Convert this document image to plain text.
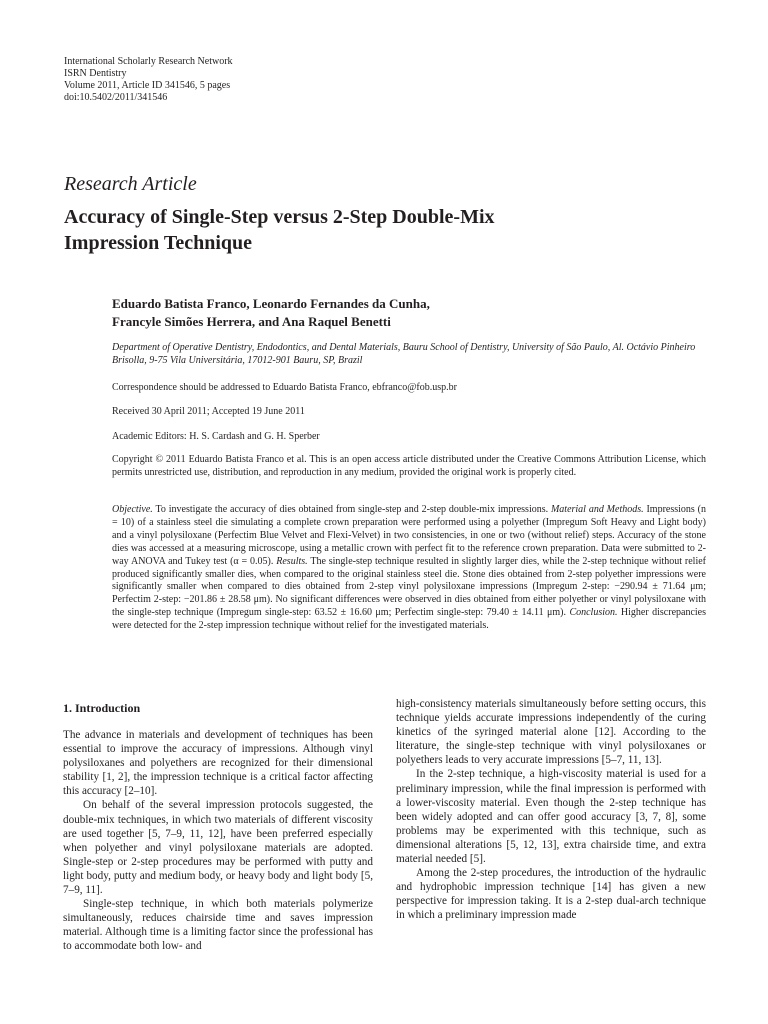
International Scholarly Research Network
ISRN Dentistry
Volume 2011, Article ID 341546, 5 pages
doi:10.5402/2011/341546
Research Article
Accuracy of Single-Step versus 2-Step Double-Mix
Impression Technique
Eduardo Batista Franco, Leonardo Fernandes da Cunha,
Francyle Simões Herrera, and Ana Raquel Benetti
Department of Operative Dentistry, Endodontics, and Dental Materials, Bauru School of Dentistry, University of São Paulo, Al. Octávio Pinheiro Brisolla, 9-75 Vila Universitária, 17012-901 Bauru, SP, Brazil
Correspondence should be addressed to Eduardo Batista Franco, ebfranco@fob.usp.br
Received 30 April 2011; Accepted 19 June 2011
Academic Editors: H. S. Cardash and G. H. Sperber
Copyright © 2011 Eduardo Batista Franco et al. This is an open access article distributed under the Creative Commons Attribution License, which permits unrestricted use, distribution, and reproduction in any medium, provided the original work is properly cited.
Objective. To investigate the accuracy of dies obtained from single-step and 2-step double-mix impressions. Material and Methods. Impressions (n = 10) of a stainless steel die simulating a complete crown preparation were performed using a polyether (Impregum Soft Heavy and Light body) and a vinyl polysiloxane (Perfectim Blue Velvet and Flexi-Velvet) in two consistencies, in one or two (without relief) steps. Accuracy of the stone dies was accessed at a measuring microscope, using a metallic crown with perfect fit to the reference crown preparation. Data were submitted to 2-way ANOVA and Tukey test (α = 0.05). Results. The single-step technique resulted in slightly larger dies, while the 2-step technique without relief produced significantly smaller dies, when compared to the original stainless steel die. Stone dies obtained from 2-step polyether impressions were significantly smaller when compared to dies obtained from 2-step vinyl polysiloxane impressions (Impregum 2-step: −290.94 ± 71.64 μm; Perfectim 2-step: −201.86 ± 28.58 μm). No significant differences were observed in dies obtained from either polyether or vinyl polysiloxane with the single-step technique (Impregum single-step: 63.52 ± 16.60 μm; Perfectim single-step: 79.40 ± 14.11 μm). Conclusion. Higher discrepancies were detected for the 2-step impression technique without relief for the investigated materials.
1. Introduction

The advance in materials and development of techniques has been essential to improve the accuracy of impressions. Although vinyl polysiloxanes and polyethers are recognized for their dimensional stability [1, 2], the impression technique is a critical factor affecting this accuracy [2–10].

On behalf of the several impression protocols suggested, the double-mix techniques, in which two materials of different viscosity are used together [5, 7–9, 11, 12], have been preferred especially when polyether and vinyl polysiloxane materials are adopted. Single-step or 2-step procedures may be performed with putty and light body, putty and medium body, or heavy body and light body [5, 7–9, 11].

Single-step technique, in which both materials polymerize simultaneously, reduces chairside time and saves impression material. Although time is a limiting factor since the professional has to accommodate both low- and

high-consistency materials simultaneously before setting occurs, this technique yields accurate impressions independently of the curing kinetics of the syringed material alone [12]. According to the literature, the single-step technique with vinyl polysiloxanes or polyethers leads to very accurate impressions [5–7, 11, 13].

In the 2-step technique, a high-viscosity material is used for a preliminary impression, while the final impression is performed with a lower-viscosity material. Even though the 2-step technique has been widely adopted and can offer good accuracy [3, 7, 8], some problems may be experimented with this technique, such as dimensional alterations [5, 12, 13], extra chairside time, and extra material needed [5].

Among the 2-step procedures, the introduction of the hydraulic and hydrophobic impression technique [14] has given a new perspective for impression taking. It is a 2-step dual-arch technique in which a preliminary impression made
